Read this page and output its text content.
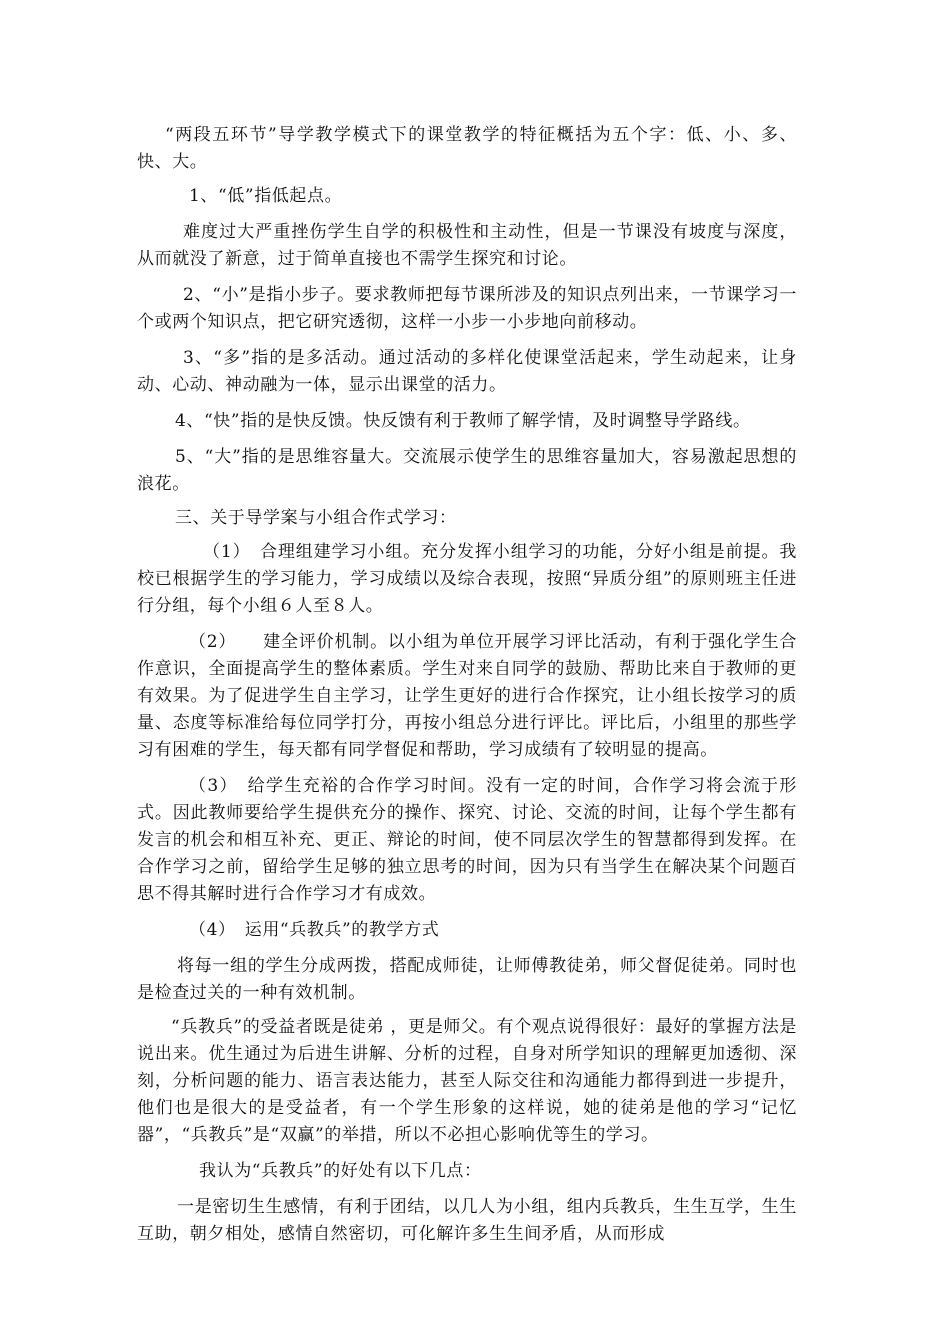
“两段五环节”导学教学模式下的课堂教学的特征概括为五个字：低、小、多、快、大。

1、“低”指低起点。

难度过大严重挫伤学生自学的积极性和主动性，但是一节课没有坡度与深度，从而就没了新意，过于简单直接也不需学生探究和讨论。

2、“小”是指小步子。要求教师把每节课所涉及的知识点列出来，一节课学习一个或两个知识点，把它研究透彻，这样一小步一小步地向前移动。

3、“多”指的是多活动。通过活动的多样化使课堂活起来，学生动起来，让身动、心动、神动融为一体，显示出课堂的活力。

4、“快”指的是快反馈。快反馈有利于教师了解学情，及时调整导学路线。

5、“大”指的是思维容量大。交流展示使学生的思维容量加大，容易激起思想的浪花。

三、关于导学案与小组合作式学习：

（1）　合理组建学习小组。充分发挥小组学习的功能，分好小组是前提。我校已根据学生的学习能力，学习成绩以及综合表现，按照“异质分组”的原则班主任进行分组，每个小组６人至８人。

（2）　　建全评价机制。以小组为单位开展学习评比活动，有利于强化学生合作意识，全面提高学生的整体素质。学生对来自同学的鼓励、帮助比来自于教师的更有效果。为了促进学生自主学习，让学生更好的进行合作探究，让小组长按学习的质量、态度等标准给每位同学打分，再按小组总分进行评比。评比后，小组里的那些学习有困难的学生，每天都有同学督促和帮助，学习成绩有了较明显的提高。

（3）　给学生充裕的合作学习时间。没有一定的时间，合作学习将会流于形式。因此教师要给学生提供充分的操作、探究、讨论、交流的时间，让每个学生都有发言的机会和相互补充、更正、辩论的时间，使不同层次学生的智慧都得到发挥。在合作学习之前，留给学生足够的独立思考的时间，因为只有当学生在解决某个问题百思不得其解时进行合作学习才有成效。

（4）　运用“兵教兵”的教学方式

将每一组的学生分成两拨，搭配成师徒，让师傅教徒弟，师父督促徒弟。同时也是检查过关的一种有效机制。

“兵教兵”的受益者既是徒弟 ，更是师父。有个观点说得很好：最好的掌握方法是说出来。优生通过为后进生讲解、分析的过程，自身对所学知识的理解更加透彻、深刻，分析问题的能力、语言表达能力，甚至人际交往和沟通能力都得到进一步提升，他们也是很大的是受益者，有一个学生形象的这样说，她的徒弟是他的学习“记忆器”，“兵教兵”是“双赢”的举措，所以不必担心影响优等生的学习。

我认为“兵教兵”的好处有以下几点：

一是密切生生感情，有利于团结，以几人为小组，组内兵教兵，生生互学，生生互助，朝夕相处，感情自然密切，可化解许多生生间矛盾，从而形成
